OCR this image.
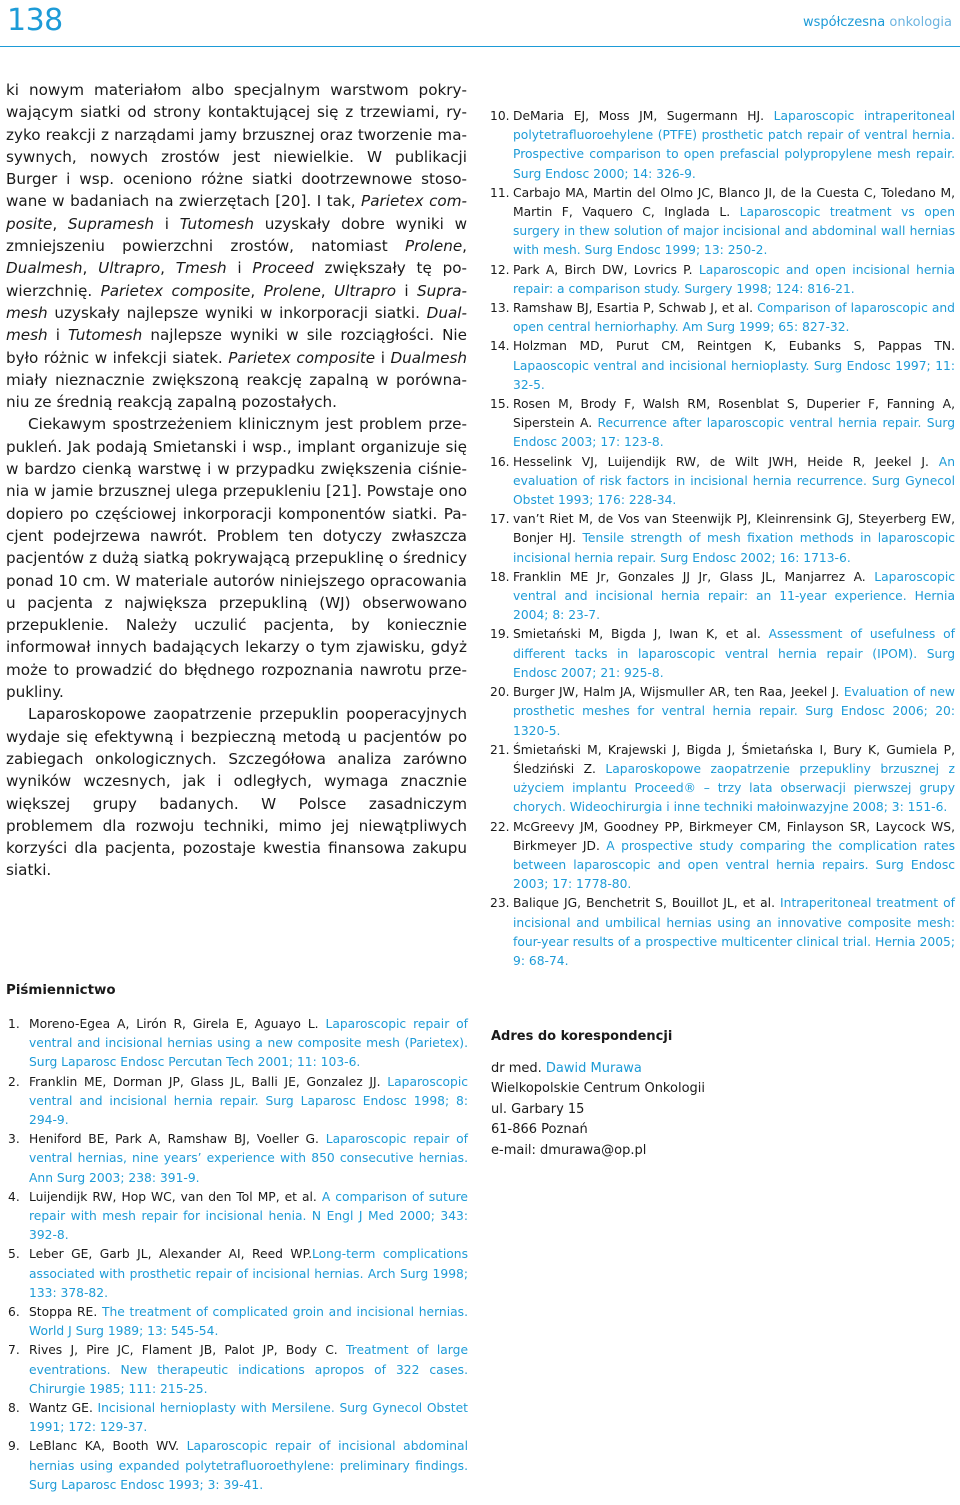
138	współczesna onkologia

ki nowym materiałom albo specjalnym warstwom pokrywającym siatki od strony kontaktującej się z trzewiami, ryzyko reakcji z narządami jamy brzusznej oraz tworzenie masywnych, nowych zrostów jest niewielkie. W publikacji Burger i wsp. oceniono różne siatki dootrzewnowe stosowane w badaniach na zwierzętach [20]. I tak, Parietex composite, Supramesh i Tutomesh uzyskały dobre wyniki w zmniejszeniu powierzchni zrostów, natomiast Prolene, Dualmesh, Ultrapro, Tmesh i Proceed zwiększały tę powierzchnię. Parietex composite, Prolene, Ultrapro i Supramesh uzyskały najlepsze wyniki w inkorporacji siatki. Dualmesh i Tutomesh najlepsze wyniki w sile rozciągłości. Nie było różnic w infekcji siatek. Parietex composite i Dualmesh miały nieznacznie zwiększoną reakcję zapalną w porównaniu ze średnią reakcją zapalną pozostałych.

Ciekawym spostrzeżeniem klinicznym jest problem przepukleń. Jak podają Smietanski i wsp., implant organizuje się w bardzo cienką warstwę i w przypadku zwiększenia ciśnienia w jamie brzusznej ulega przepukleniu [21]. Powstaje ono dopiero po częściowej inkorporacji komponentów siatki. Pacjent podejrzewa nawrót. Problem ten dotyczy zwłaszcza pacjentów z dużą siatką pokrywającą przepuklinę o średnicy ponad 10 cm. W materiale autorów niniejszego opracowania u pacjenta z największa przepukliną (WJ) obserwowano przepuklenie. Należy uczulić pacjenta, by koniecznie informował innych badających lekarzy o tym zjawisku, gdyż może to prowadzić do błędnego rozpoznania nawrotu przepukliny.

Laparoskopowe zaopatrzenie przepuklin pooperacyjnych wydaje się efektywną i bezpieczną metodą u pacjentów po zabiegach onkologicznych. Szczegółowa analiza zarówno wyników wczesnych, jak i odległych, wymaga znacznie większej grupy badanych. W Polsce zasadniczym problemem dla rozwoju techniki, mimo jej niewątpliwych korzyści dla pacjenta, pozostaje kwestia finansowa zakupu siatki.

Piśmiennictwo
1. Moreno-Egea A, Lirón R, Girela E, Aguayo L. Laparoscopic repair of ventral and incisional hernias using a new composite mesh (Parietex). Surg Laparosc Endosc Percutan Tech 2001; 11: 103-6.
2. Franklin ME, Dorman JP, Glass JL, Balli JE, Gonzalez JJ. Laparoscopic ventral and incisional hernia repair. Surg Laparosc Endosc 1998; 8: 294-9.
3. Heniford BE, Park A, Ramshaw BJ, Voeller G. Laparoscopic repair of ventral hernias, nine years’ experience with 850 consecutive hernias. Ann Surg 2003; 238: 391-9.
4. Luijendijk RW, Hop WC, van den Tol MP, et al. A comparison of suture repair with mesh repair for incisional henia. N Engl J Med 2000; 343: 392-8.
5. Leber GE, Garb JL, Alexander AI, Reed WP.Long-term complications associated with prosthetic repair of incisional hernias. Arch Surg 1998; 133: 378-82.
6. Stoppa RE. The treatment of complicated groin and incisional hernias. World J Surg 1989; 13: 545-54.
7. Rives J, Pire JC, Flament JB, Palot JP, Body C. Treatment of large eventrations. New therapeutic indications apropos of 322 cases. Chirurgie 1985; 111: 215-25.
8. Wantz GE. Incisional hernioplasty with Mersilene. Surg Gynecol Obstet 1991; 172: 129-37.
9. LeBlanc KA, Booth WV. Laparoscopic repair of incisional abdominal hernias using expanded polytetrafluoroethylene: preliminary findings. Surg Laparosc Endosc 1993; 3: 39-41.
10. DeMaria EJ, Moss JM, Sugermann HJ. Laparoscopic intraperitoneal polytetrafluoroehylene (PTFE) prosthetic patch repair of ventral hernia. Prospective comparison to open prefascial polypropylene mesh repair. Surg Endosc 2000; 14: 326-9.
11. Carbajo MA, Martin del Olmo JC, Blanco JI, de la Cuesta C, Toledano M, Martin F, Vaquero C, Inglada L. Laparoscopic treatment vs open surgery in thew solution of major incisional and abdominal wall hernias with mesh. Surg Endosc 1999; 13: 250-2.
12. Park A, Birch DW, Lovrics P. Laparoscopic and open incisional hernia repair: a comparison study. Surgery 1998; 124: 816-21.
13. Ramshaw BJ, Esartia P, Schwab J, et al. Comparison of laparoscopic and open central herniorhaphy. Am Surg 1999; 65: 827-32.
14. Holzman MD, Purut CM, Reintgen K, Eubanks S, Pappas TN. Lapaoscopic ventral and incisional hernioplasty. Surg Endosc 1997; 11: 32-5.
15. Rosen M, Brody F, Walsh RM, Rosenblat S, Duperier F, Fanning A, Siperstein A. Recurrence after laparoscopic ventral hernia repair. Surg Endosc 2003; 17: 123-8.
16. Hesselink VJ, Luijendijk RW, de Wilt JWH, Heide R, Jeekel J. An evaluation of risk factors in incisional hernia recurrence. Surg Gynecol Obstet 1993; 176: 228-34.
17. van’t Riet M, de Vos van Steenwijk PJ, Kleinrensink GJ, Steyerberg EW, Bonjer HJ. Tensile strength of mesh fixation methods in laparoscopic incisional hernia repair. Surg Endosc 2002; 16: 1713-6.
18. Franklin ME Jr, Gonzales JJ Jr, Glass JL, Manjarrez A. Laparoscopic ventral and incisional hernia repair: an 11-year experience. Hernia 2004; 8: 23-7.
19. Smietański M, Bigda J, Iwan K, et al. Assessment of usefulness of different tacks in laparoscopic ventral hernia repair (IPOM). Surg Endosc 2007; 21: 925-8.
20. Burger JW, Halm JA, Wijsmuller AR, ten Raa, Jeekel J. Evaluation of new prosthetic meshes for ventral hernia repair. Surg Endosc 2006; 20: 1320-5.
21. Śmietański M, Krajewski J, Bigda J, Śmietańska I, Bury K, Gumiela P, Śledziński Z. Laparoskopowe zaopatrzenie przepukliny brzusznej z użyciem implantu Proceed® – trzy lata obserwacji pierwszej grupy chorych. Wideochirurgia i inne techniki małoinwazyjne 2008; 3: 151-6.
22. McGreevy JM, Goodney PP, Birkmeyer CM, Finlayson SR, Laycock WS, Birkmeyer JD. A prospective study comparing the complication rates between laparoscopic and open ventral hernia repairs. Surg Endosc 2003; 17: 1778-80.
23. Balique JG, Benchetrit S, Bouillot JL, et al. Intraperitoneal treatment of incisional and umbilical hernias using an innovative composite mesh: four-year results of a prospective multicenter clinical trial. Hernia 2005; 9: 68-74.
Adres do korespondencji

dr med. Dawid Murawa

Wielkopolskie Centrum Onkologii

ul. Garbary 15

61-866 Poznań

e-mail: dmurawa@op.pl
